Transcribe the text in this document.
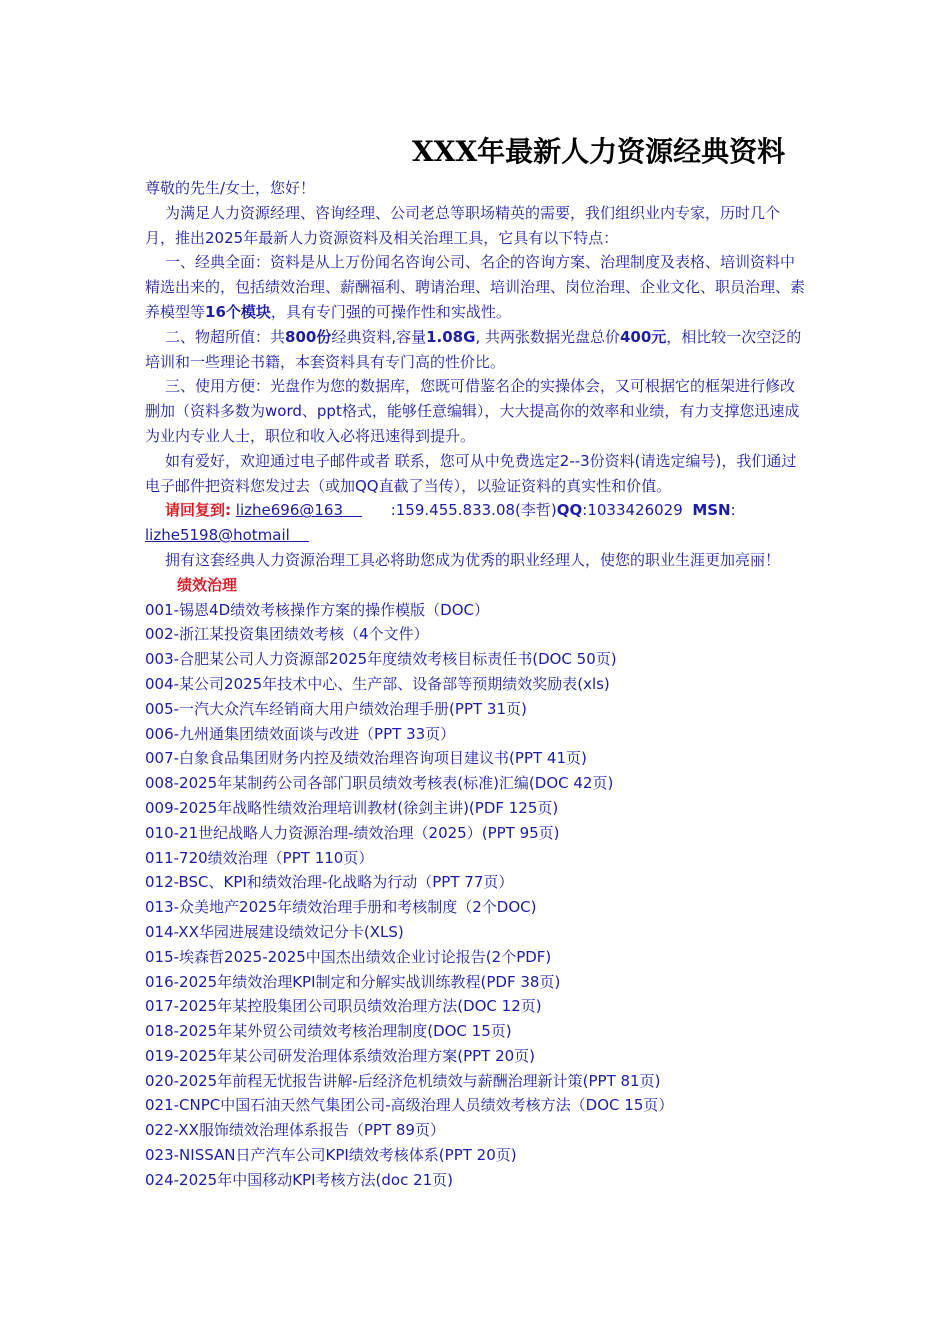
XXX年最新人力资源经典资料

尊敬的先生/女士，您好！

为满足人力资源经理、咨询经理、公司老总等职场精英的需要，我们组织业内专家，历时几个月，推出2025年最新人力资源资料及相关治理工具，它具有以下特点：

一、经典全面：资料是从上万份闻名咨询公司、名企的咨询方案、治理制度及表格、培训资料中精选出来的，包括绩效治理、薪酬福利、聘请治理、培训治理、岗位治理、企业文化、职员治理、素养模型等16个模块，具有专门强的可操作性和实战性。

二、物超所值：共800份经典资料,容量1.08G, 共两张数据光盘总价400元，相比较一次空泛的培训和一些理论书籍，本套资料具有专门高的性价比。

三、使用方便：光盘作为您的数据库，您既可借鉴名企的实操体会，又可根据它的框架进行修改删加（资料多数为word、ppt格式，能够任意编辑），大大提高你的效率和业绩，有力支撑您迅速成为业内专业人士，职位和收入必将迅速得到提升。

如有爱好，欢迎通过电子邮件或者 联系，您可从中免费选定2--3份资料(请选定编号)，我们通过电子邮件把资料您发过去（或加QQ直截了当传），以验证资料的真实性和价值。

请回复到: lizhe696@163	:159.455.833.08(李哲)QQ:1033426029 MSN:

lizhe5198@hotmail

拥有这套经典人力资源治理工具必将助您成为优秀的职业经理人，使您的职业生涯更加亮丽！

绩效治理

001-锡恩4D绩效考核操作方案的操作模版（DOC）
002-浙江某投资集团绩效考核（4个文件）
003-合肥某公司人力资源部2025年度绩效考核目标责任书(DOC 50页)
004-某公司2025年技术中心、生产部、设备部等预期绩效奖励表(xls)
005-一汽大众汽车经销商大用户绩效治理手册(PPT 31页)
006-九州通集团绩效面谈与改进（PPT 33页）
007-白象食品集团财务内控及绩效治理咨询项目建议书(PPT 41页)
008-2025年某制药公司各部门职员绩效考核表(标准)汇编(DOC 42页)
009-2025年战略性绩效治理培训教材(徐剑主讲)(PDF 125页)
010-21世纪战略人力资源治理-绩效治理（2025）(PPT 95页)
011-720绩效治理（PPT 110页）
012-BSC、KPI和绩效治理-化战略为行动（PPT 77页）
013-众美地产2025年绩效治理手册和考核制度（2个DOC)
014-XX华园进展建设绩效记分卡(XLS)
015-埃森哲2025-2025中国杰出绩效企业讨论报告(2个PDF)
016-2025年绩效治理KPI制定和分解实战训练教程(PDF 38页)
017-2025年某控股集团公司职员绩效治理方法(DOC 12页)
018-2025年某外贸公司绩效考核治理制度(DOC 15页)
019-2025年某公司研发治理体系绩效治理方案(PPT 20页)
020-2025年前程无忧报告讲解-后经济危机绩效与薪酬治理新计策(PPT 81页)
021-CNPC中国石油天然气集团公司-高级治理人员绩效考核方法（DOC 15页）
022-XX服饰绩效治理体系报告（PPT 89页）
023-NISSAN日产汽车公司KPI绩效考核体系(PPT 20页)
024-2025年中国移动KPI考核方法(doc 21页)
